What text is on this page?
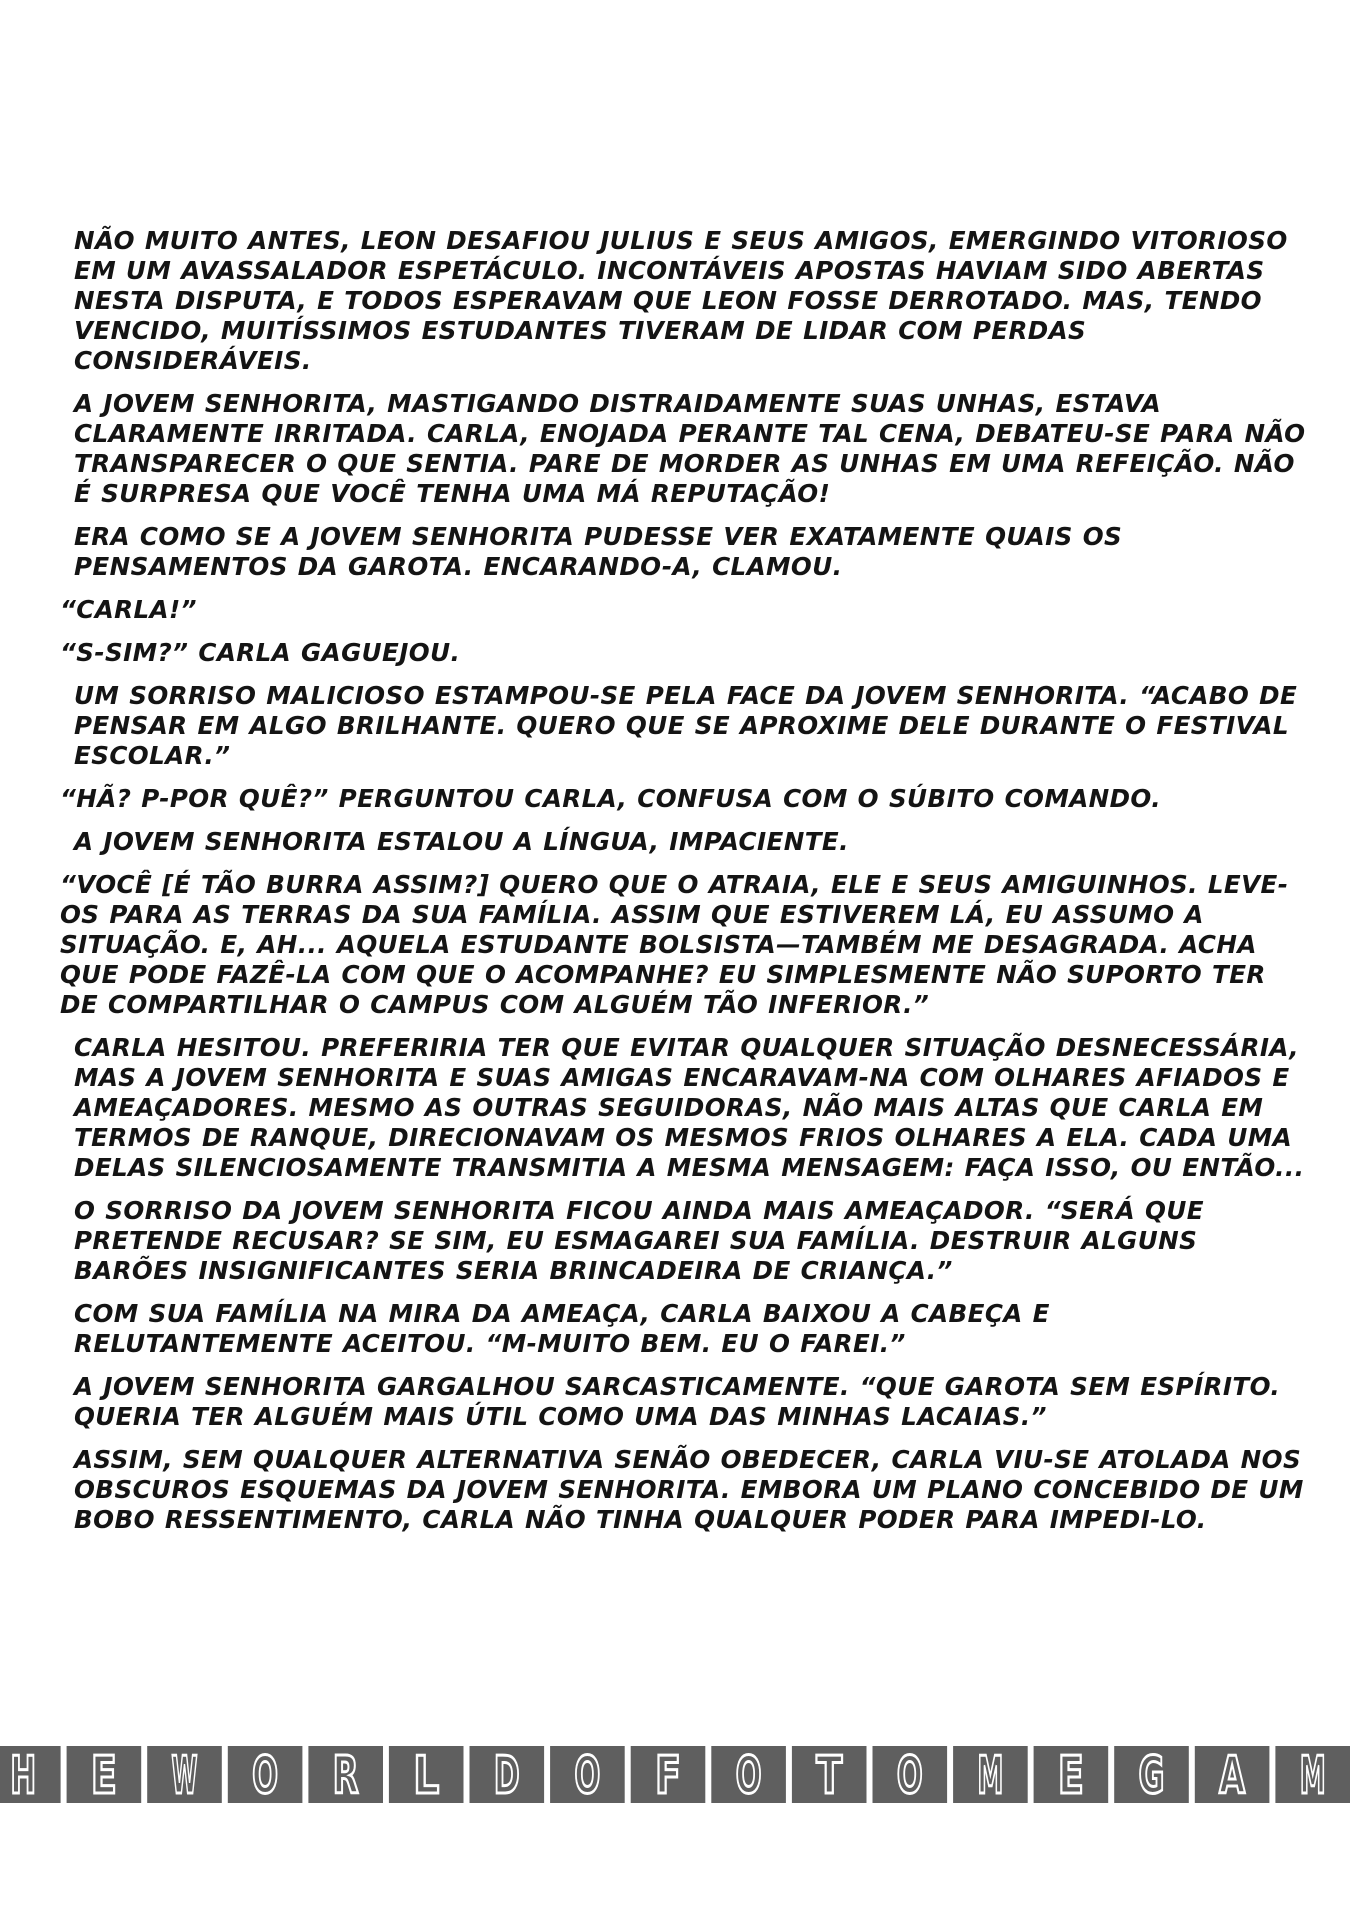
NÃO MUITO ANTES, LEON DESAFIOU JULIUS E SEUS AMIGOS, EMERGINDO VITORIOSO EM UM AVASSALADOR ESPETÁCULO. INCONTÁVEIS APOSTAS HAVIAM SIDO ABERTAS NESTA DISPUTA, E TODOS ESPERAVAM QUE LEON FOSSE DERROTADO. MAS, TENDO VENCIDO, MUITÍSSIMOS ESTUDANTES TIVERAM DE LIDAR COM PERDAS CONSIDERÁVEIS.

A JOVEM SENHORITA, MASTIGANDO DISTRAIDAMENTE SUAS UNHAS, ESTAVA CLARAMENTE IRRITADA. CARLA, ENOJADA PERANTE TAL CENA, DEBATEU-SE PARA NÃO TRANSPARECER O QUE SENTIA. PARE DE MORDER AS UNHAS EM UMA REFEIÇÃO. NÃO É SURPRESA QUE VOCÊ TENHA UMA MÁ REPUTAÇÃO!

ERA COMO SE A JOVEM SENHORITA PUDESSE VER EXATAMENTE QUAIS OS PENSAMENTOS DA GAROTA. ENCARANDO-A, CLAMOU.

“CARLA!”

“S-SIM?” CARLA GAGUEJOU.

UM SORRISO MALICIOSO ESTAMPOU-SE PELA FACE DA JOVEM SENHORITA. “ACABO DE PENSAR EM ALGO BRILHANTE. QUERO QUE SE APROXIME DELE DURANTE O FESTIVAL ESCOLAR.”

“HÃ? P-POR QUÊ?” PERGUNTOU CARLA, CONFUSA COM O SÚBITO COMANDO.

A JOVEM SENHORITA ESTALOU A LÍNGUA, IMPACIENTE.

“VOCÊ [É TÃO BURRA ASSIM?] QUERO QUE O ATRAIA, ELE E SEUS AMIGUINHOS. LEVE-OS PARA AS TERRAS DA SUA FAMÍLIA. ASSIM QUE ESTIVEREM LÁ, EU ASSUMO A SITUAÇÃO. E, AH... AQUELA ESTUDANTE BOLSISTA—TAMBÉM ME DESAGRADA. ACHA QUE PODE FAZÊ-LA COM QUE O ACOMPANHE? EU SIMPLESMENTE NÃO SUPORTO TER DE COMPARTILHAR O CAMPUS COM ALGUÉM TÃO INFERIOR.”

CARLA HESITOU. PREFERIRIA TER QUE EVITAR QUALQUER SITUAÇÃO DESNECESSÁRIA, MAS A JOVEM SENHORITA E SUAS AMIGAS ENCARAVAM-NA COM OLHARES AFIADOS E AMEAÇADORES. MESMO AS OUTRAS SEGUIDORAS, NÃO MAIS ALTAS QUE CARLA EM TERMOS DE RANQUE, DIRECIONAVAM OS MESMOS FRIOS OLHARES A ELA. CADA UMA DELAS SILENCIOSAMENTE TRANSMITIA A MESMA MENSAGEM: FAÇA ISSO, OU ENTÃO...

O SORRISO DA JOVEM SENHORITA FICOU AINDA MAIS AMEAÇADOR. “SERÁ QUE PRETENDE RECUSAR? SE SIM, EU ESMAGAREI SUA FAMÍLIA. DESTRUIR ALGUNS BARÕES INSIGNIFICANTES SERIA BRINCADEIRA DE CRIANÇA.”

COM SUA FAMÍLIA NA MIRA DA AMEAÇA, CARLA BAIXOU A CABEÇA E RELUTANTEMENTE ACEITOU. “M-MUITO BEM. EU O FAREI.”

A JOVEM SENHORITA GARGALHOU SARCASTICAMENTE. “QUE GAROTA SEM ESPÍRITO. QUERIA TER ALGUÉM MAIS ÚTIL COMO UMA DAS MINHAS LACAIAS.”

ASSIM, SEM QUALQUER ALTERNATIVA SENÃO OBEDECER, CARLA VIU-SE ATOLADA NOS OBSCUROS ESQUEMAS DA JOVEM SENHORITA. EMBORA UM PLANO CONCEBIDO DE UM BOBO RESSENTIMENTO, CARLA NÃO TINHA QUALQUER PODER PARA IMPEDI-LO.

H E W O R L D O F O T O M E G A M
